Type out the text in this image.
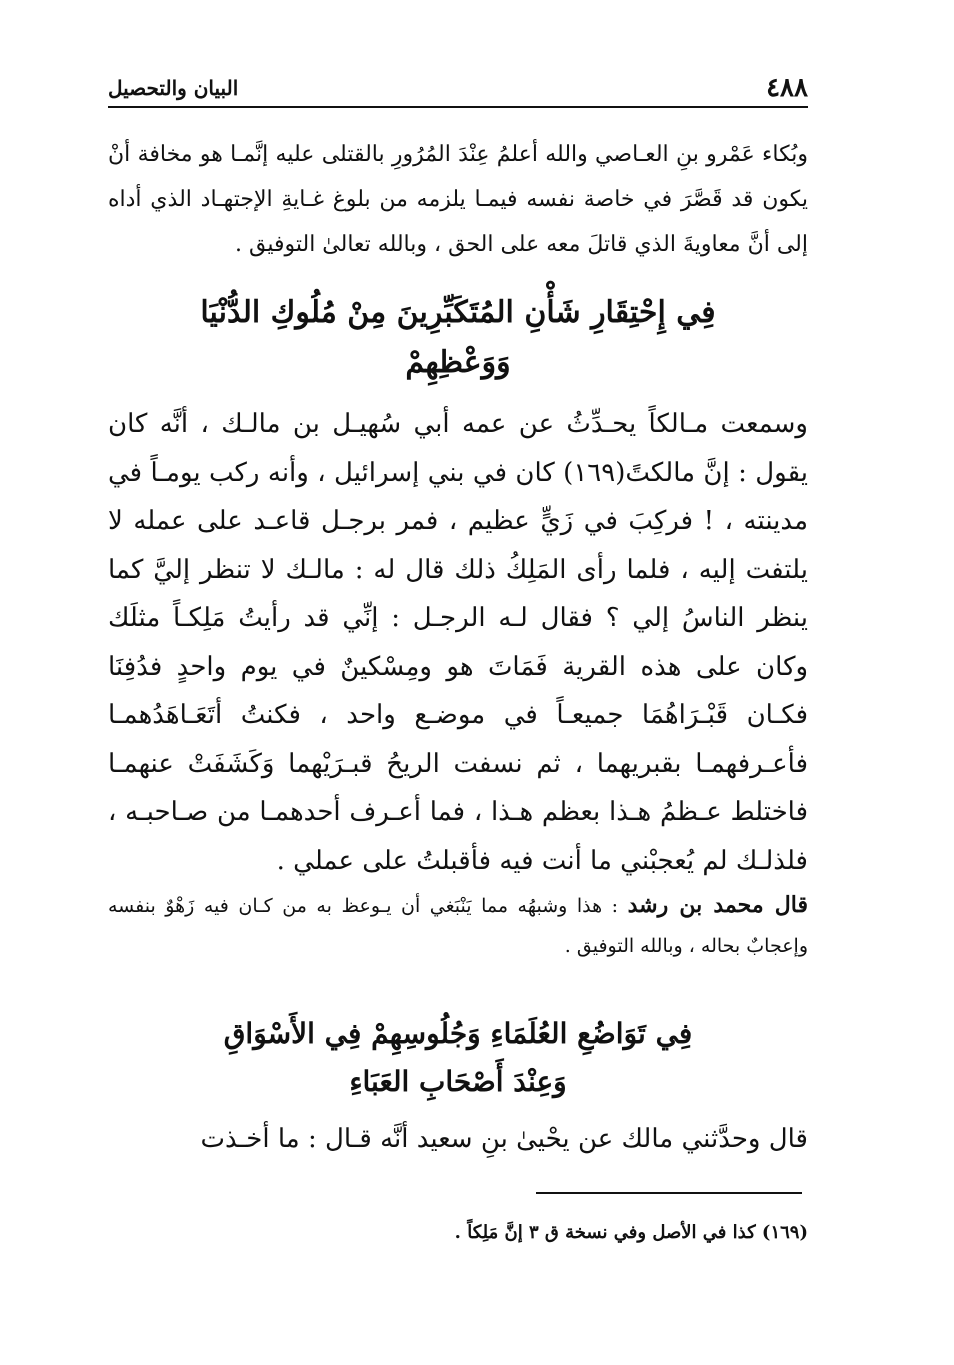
٤٨٨
البيان والتحصيل

وبُكاء عَمْرو بنِ العـاصي والله أعلمُ عِنْدَ المُرُورِ بالقتلى عليه إنَّمـا هو مخافة أنْ يكون قد قَصَّرَ في خاصة نفسه فيمـا يلزمه من بلوغ غـايةِ الإجتهـاد الذي أداه إلى أنَّ معاويةَ الذي قاتلَ معه على الحق ، وبالله تعالىٰ التوفيق .

فِي إِحْتِقَارِ شَأْنِ المُتَكَبِّرِينَ مِنْ مُلُوكِ الدُّنْيَا
وَوَعْظِهِمْ

وسمعت مـالكاً يحـدِّثُ عن عمه أبي سُهيـل بن مالـك ، أنَّه كان يقول : إنَّ مالكتً(١٦٩) كان في بني إسرائيل ، وأنه ركب يومـاً في مدينته ، ! فركِبَ في زَيٍّ عظيم ، فمر برجـل قاعـد على عمله لا يلتفت إليه ، فلما رأى المَلِكُ ذلك قال له : مالـك لا تنظر إليَّ كما ينظر الناسُ إلي ؟ فقال لـه الرجـل : إنِّي قد رأيتُ مَلِكـاً مثلَك وكان على هذه القرية فَمَاتَ هو ومِسْكينٌ في يوم واحدٍ فدُفِنَا فكـان قَبْـرَاهُمَا جميعـاً في موضـع واحد ، فكنتُ أتَعَـاهَدُهمـا فأعـرفهمـا بقبريهما ، ثم نسفت الريحُ قبـرَيْهما وَكَشَفَتْ عنهمـا فاختلط عـظمُ هـذا بعظم هـذا ، فما أعـرف أحدهمـا من صـاحبـه ، فلذلـك لم يُعجبْني ما أنت فيه فأقبلتُ على عملي .

قال محمد بن رشد : هذا وشبهُه مما يَنْبَغي أن يـوعظ به من كـان فيه زَهْوٌ بنفسه وإعجابٌ بحاله ، وبالله التوفيق .

فِي تَوَاضُعِ العُلَمَاءِ وَجُلُوسِهِمْ فِي الأَسْوَاقِ
وَعِنْدَ أَصْحَابِ العَبَاءِ

قال وحدَّثني مالك عن يحْيىٰ بنِ سعيد أنَّه قـال : ما أخـذت

(١٦٩) كذا في الأصل وفي نسخة ق ٣ إنَّ مَلِكاً .
